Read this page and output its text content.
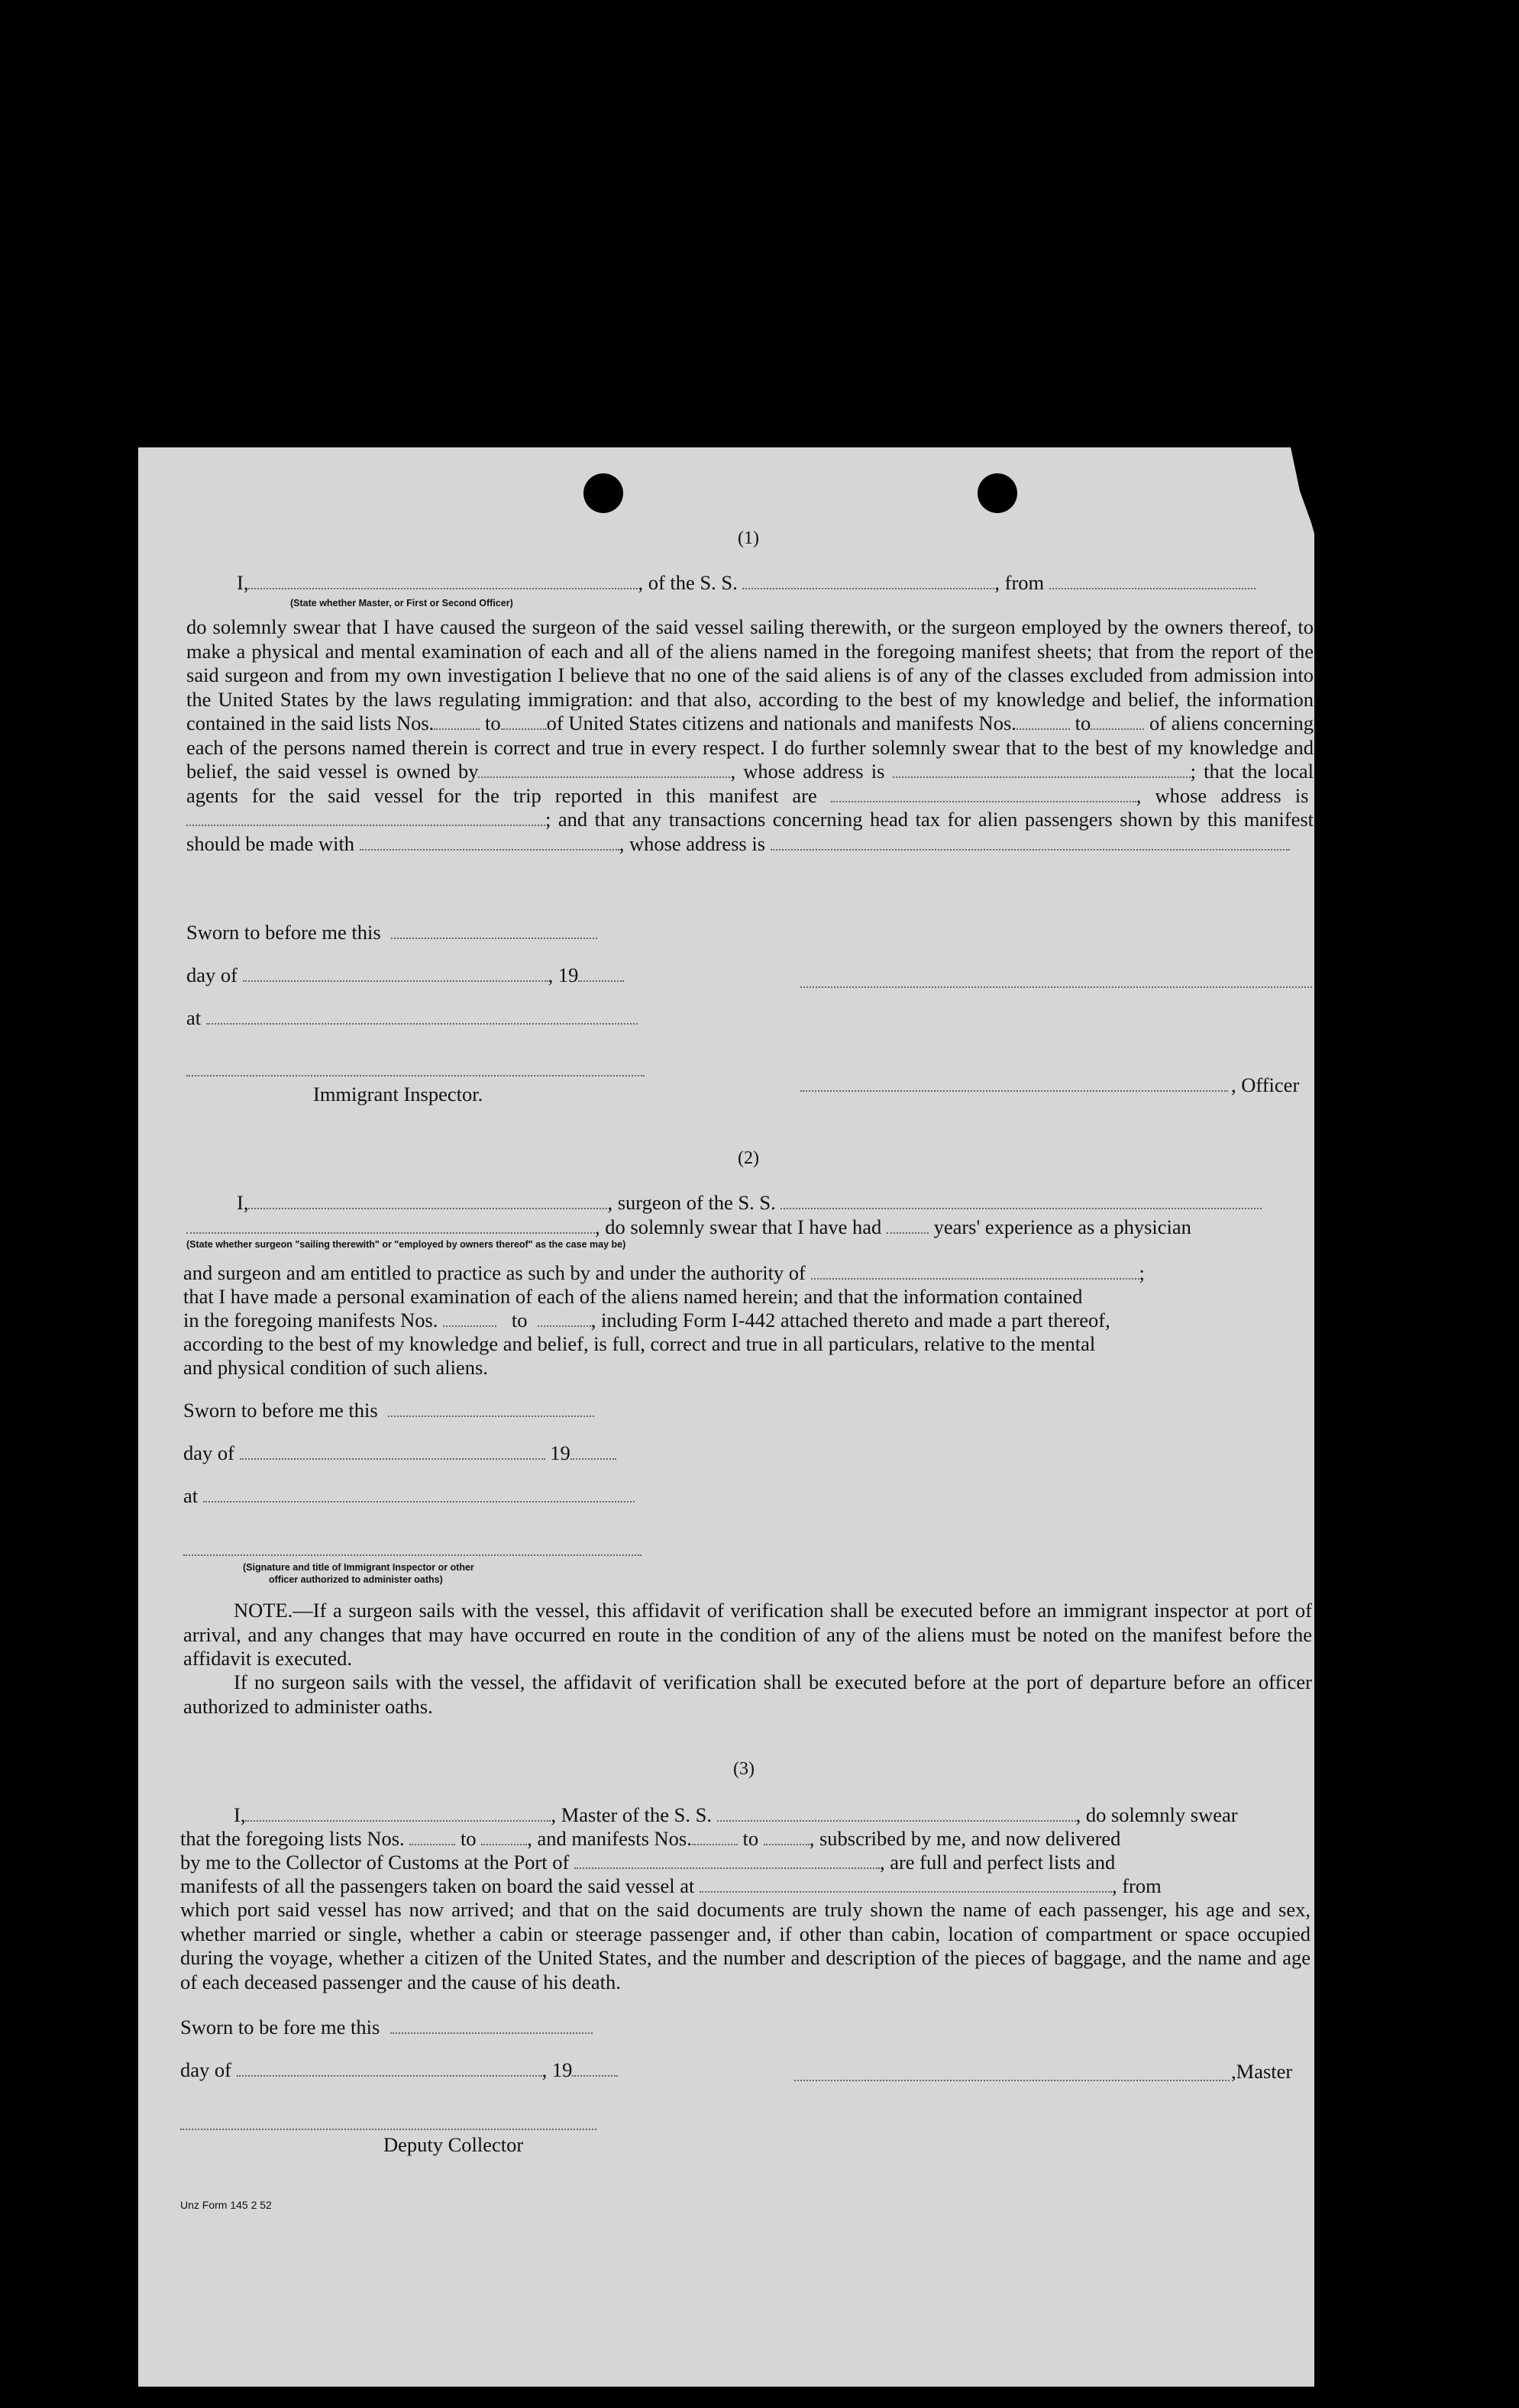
(1)
I,	, of the S. S.	, from
(State whether Master, or First or Second Officer)
do solemnly swear that I have caused the surgeon of the said vessel sailing therewith, or the surgeon employed by the owners thereof, to make a physical and mental examination of each and all of the aliens named in the foregoing manifest sheets; that from the report of the said surgeon and from my own investigation I believe that no one of the said aliens is of any of the classes excluded from admission into the United States by the laws regulating immigration: and that also, according to the best of my knowledge and belief, the information contained in the said lists Nos.	to of United States citizens and nationals and manifests Nos.	to	of aliens concerning each of the persons named therein is correct and true in every respect. I do further solemnly swear that to the best of my knowledge and belief, the said vessel is owned by	, whose address is	; that the local agents for the said vessel for the trip reported in this manifest are	, whose address is ; and that any transactions concerning head tax for alien passengers shown by this manifest should be made with	, whose address is
Sworn to before me this
day of	, 19
at
Immigrant Inspector.	, Officer
(2)
I,	, surgeon of the S. S.
, do solemnly swear that I have had	years' experience as a physician
(State whether surgeon "sailing therewith" or "employed by owners thereof" as the case may be)
and surgeon and am entitled to practice as such by and under the authority of	;
that I have made a personal examination of each of the aliens named herein; and that the information contained
in the foregoing manifests Nos.	to	, including Form I-442 attached thereto and made a part thereof,
according to the best of my knowledge and belief, is full, correct and true in all particulars, relative to the mental
and physical condition of such aliens.
Sworn to before me this
day of	19
at
(Signature and title of Immigrant Inspector or other
officer authorized to administer oaths)
NOTE.—If a surgeon sails with the vessel, this affidavit of verification shall be executed before an immigrant inspector at port of arrival, and any changes that may have occurred en route in the condition of any of the aliens must be noted on the manifest before the affidavit is executed.
If no surgeon sails with the vessel, the affidavit of verification shall be executed before at the port of departure before an officer authorized to administer oaths.
(3)
I,	, Master of the S. S.	, do solemnly swear
that the foregoing lists Nos.	to	, and manifests Nos.	to	, subscribed by me, and now delivered
by me to the Collector of Customs at the Port of	, are full and perfect lists and
manifests of all the passengers taken on board the said vessel at	, from
which port said vessel has now arrived; and that on the said documents are truly shown the name of each passenger, his age and sex, whether married or single, whether a cabin or steerage passenger and, if other than cabin, location of compartment or space occupied during the voyage, whether a citizen of the United States, and the number and description of the pieces of baggage, and the name and age of each deceased passenger and the cause of his death.
Sworn to be fore me this
day of	, 19	,Master
Deputy Collector
Unz Form 145 2 52
